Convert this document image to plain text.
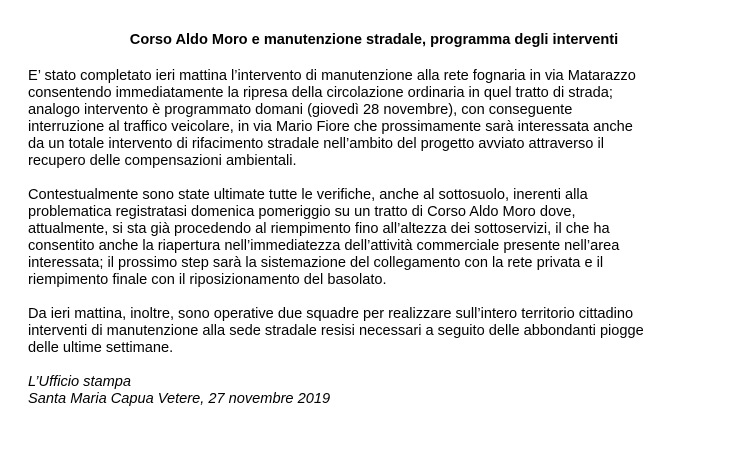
Corso Aldo Moro e manutenzione stradale, programma degli interventi
E’ stato completato ieri mattina l’intervento di manutenzione alla rete fognaria in via Matarazzo
consentendo immediatamente la ripresa della circolazione ordinaria in quel tratto di strada;
analogo intervento è programmato domani (giovedì 28 novembre), con conseguente
interruzione al traffico veicolare, in via Mario Fiore che prossimamente sarà interessata anche
da un totale intervento di rifacimento stradale nell’ambito del progetto avviato attraverso il
recupero delle compensazioni ambientali.
Contestualmente sono state ultimate tutte le verifiche, anche al sottosuolo, inerenti alla
problematica registratasi domenica pomeriggio su un tratto di Corso Aldo Moro dove,
attualmente, si sta già procedendo al riempimento fino all’altezza dei sottoservizi, il che ha
consentito anche la riapertura nell’immediatezza dell’attività commerciale presente nell’area
interessata; il prossimo step sarà la sistemazione del collegamento con la rete privata e il
riempimento finale con il riposizionamento del basolato.
Da ieri mattina, inoltre, sono operative due squadre per realizzare sull’intero territorio cittadino
interventi di manutenzione alla sede stradale resisi necessari a seguito delle abbondanti piogge
delle ultime settimane.
L’Ufficio stampa
Santa Maria Capua Vetere, 27 novembre 2019
